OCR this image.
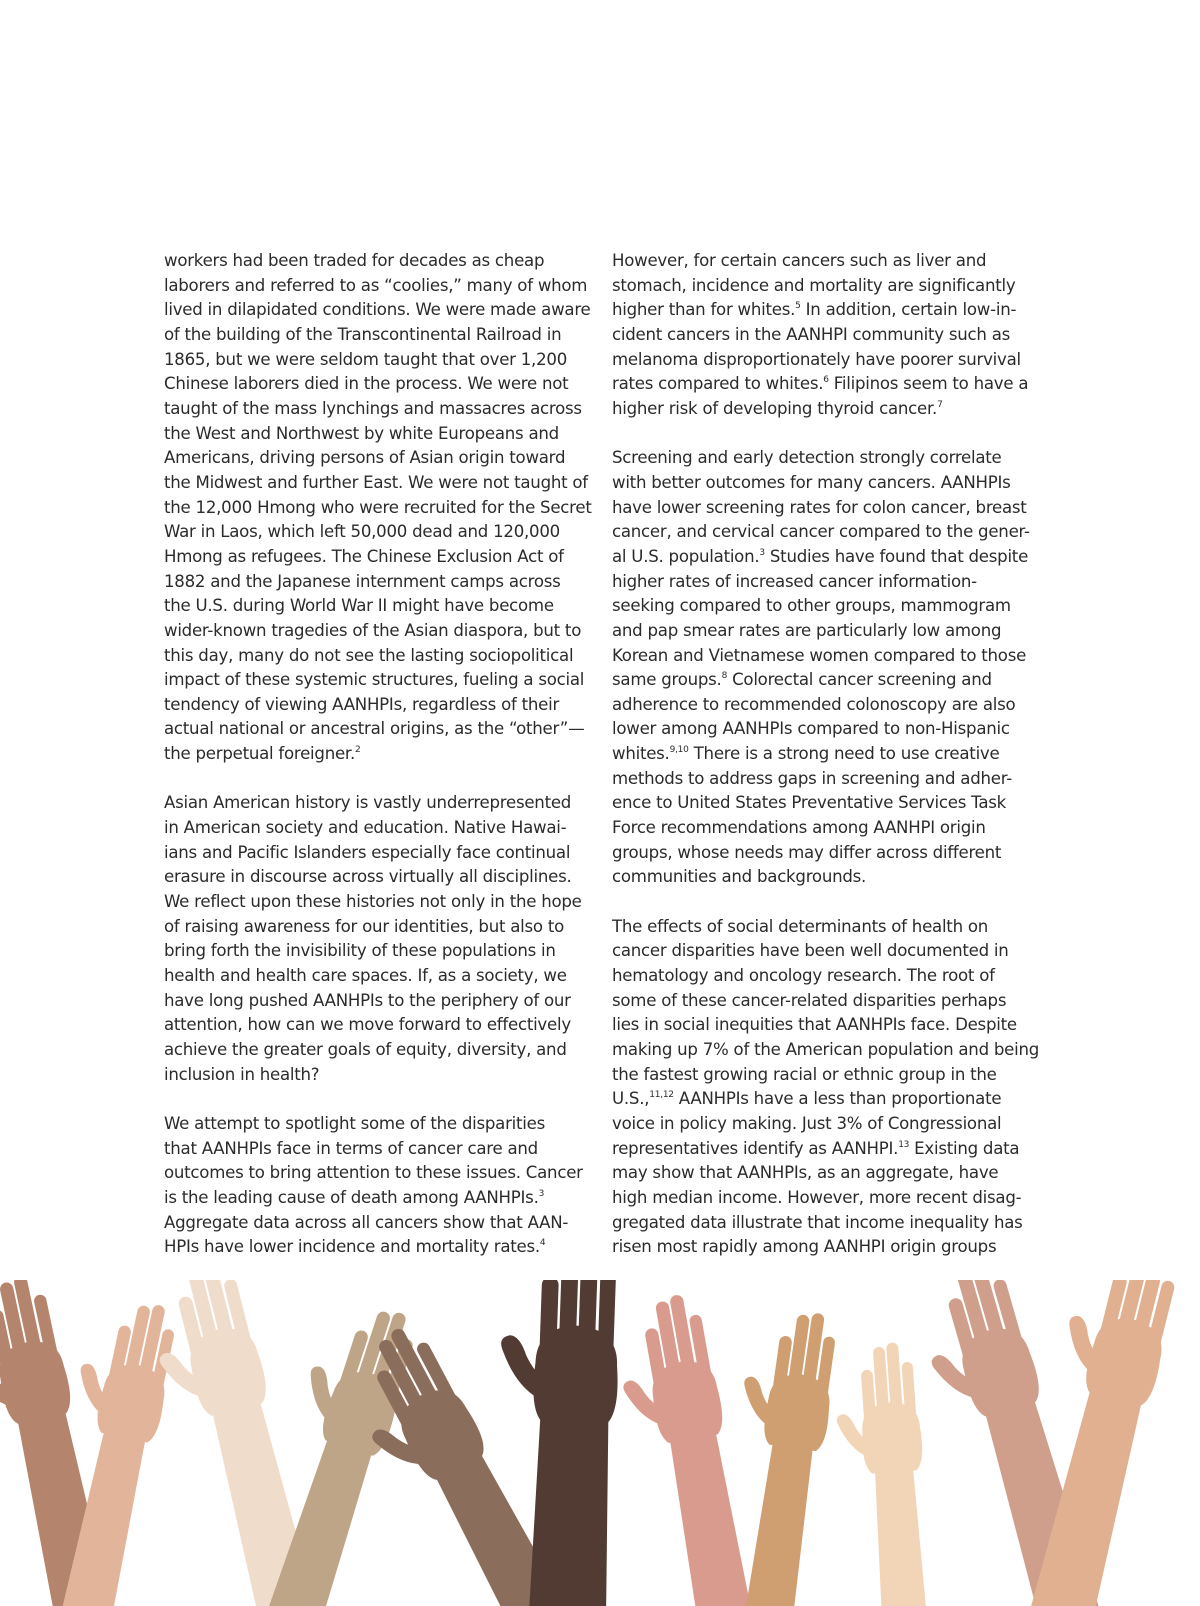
workers had been traded for decades as cheap
laborers and referred to as “coolies,” many of whom
lived in dilapidated conditions. We were made aware
of the building of the Transcontinental Railroad in
1865, but we were seldom taught that over 1,200
Chinese laborers died in the process. We were not
taught of the mass lynchings and massacres across
the West and Northwest by white Europeans and
Americans, driving persons of Asian origin toward
the Midwest and further East. We were not taught of
the 12,000 Hmong who were recruited for the Secret
War in Laos, which left 50,000 dead and 120,000
Hmong as refugees. The Chinese Exclusion Act of
1882 and the Japanese internment camps across
the U.S. during World War II might have become
wider-known tragedies of the Asian diaspora, but to
this day, many do not see the lasting sociopolitical
impact of these systemic structures, fueling a social
tendency of viewing AANHPIs, regardless of their
actual national or ancestral origins, as the “other”—
the perpetual foreigner.$^2$

Asian American history is vastly underrepresented
in American society and education. Native Hawai-
ians and Pacific Islanders especially face continual
erasure in discourse across virtually all disciplines.
We reflect upon these histories not only in the hope
of raising awareness for our identities, but also to
bring forth the invisibility of these populations in
health and health care spaces. If, as a society, we
have long pushed AANHPIs to the periphery of our
attention, how can we move forward to effectively
achieve the greater goals of equity, diversity, and
inclusion in health?

We attempt to spotlight some of the disparities
that AANHPIs face in terms of cancer care and
outcomes to bring attention to these issues. Cancer
is the leading cause of death among AANHPIs.$^3$
Aggregate data across all cancers show that AAN-
HPIs have lower incidence and mortality rates.$^4$

However, for certain cancers such as liver and
stomach, incidence and mortality are significantly
higher than for whites.$^5$ In addition, certain low-in-
cident cancers in the AANHPI community such as
melanoma disproportionately have poorer survival
rates compared to whites.$^6$ Filipinos seem to have a
higher risk of developing thyroid cancer.$^7$

Screening and early detection strongly correlate
with better outcomes for many cancers. AANHPIs
have lower screening rates for colon cancer, breast
cancer, and cervical cancer compared to the gener-
al U.S. population.$^3$ Studies have found that despite
higher rates of increased cancer information-
seeking compared to other groups, mammogram
and pap smear rates are particularly low among
Korean and Vietnamese women compared to those
same groups.$^8$ Colorectal cancer screening and
adherence to recommended colonoscopy are also
lower among AANHPIs compared to non-Hispanic
whites.$^{9,10}$ There is a strong need to use creative
methods to address gaps in screening and adher-
ence to United States Preventative Services Task
Force recommendations among AANHPI origin
groups, whose needs may differ across different
communities and backgrounds.

The effects of social determinants of health on
cancer disparities have been well documented in
hematology and oncology research. The root of
some of these cancer-related disparities perhaps
lies in social inequities that AANHPIs face. Despite
making up 7% of the American population and being
the fastest growing racial or ethnic group in the
U.S.,$^{11,12}$ AANHPIs have a less than proportionate
voice in policy making. Just 3% of Congressional
representatives identify as AANHPI.$^{13}$ Existing data
may show that AANHPIs, as an aggregate, have
high median income. However, more recent disag-
gregated data illustrate that income inequality has
risen most rapidly among AANHPI origin groups
